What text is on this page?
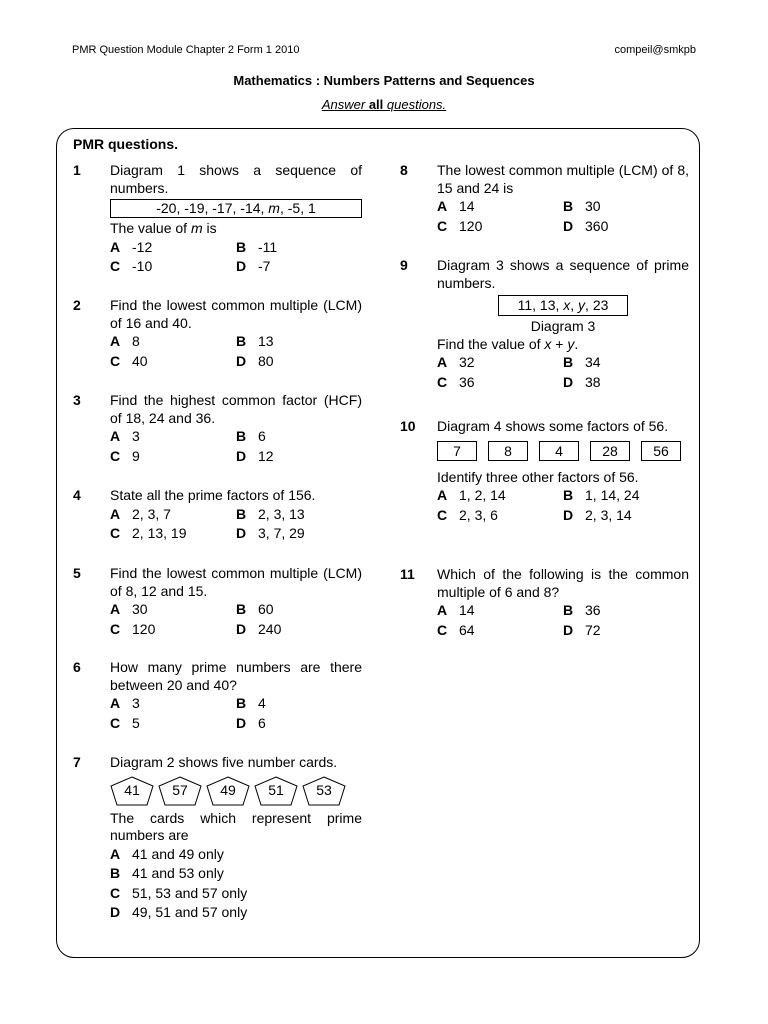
PMR Question Module Chapter 2 Form 1 2010	compeil@smkpb
Mathematics : Numbers Patterns and Sequences
Answer all questions.
PMR questions.
1	Diagram 1 shows a sequence of numbers.
-20, -19, -17, -14, m, -5, 1
The value of m is
A -12	B -11
C -10	D -7
2	Find the lowest common multiple (LCM) of 16 and 40.
A 8	B 13
C 40	D 80
3	Find the highest common factor (HCF) of 18, 24 and 36.
A 3	B 6
C 9	D 12
4	State all the prime factors of 156.
A 2, 3, 7	B 2, 3, 13
C 2, 13, 19	D 3, 7, 29
5	Find the lowest common multiple (LCM) of 8, 12 and 15.
A 30	B 60
C 120	D 240
6	How many prime numbers are there between 20 and 40?
A 3	B 4
C 5	D 6
7	Diagram 2 shows five number cards.
41	57	49	51	53
The cards which represent prime numbers are
A 41 and 49 only
B 41 and 53 only
C 51, 53 and 57 only
D 49, 51 and 57 only
8	The lowest common multiple (LCM) of 8, 15 and 24 is
A 14	B 30
C 120	D 360
9	Diagram 3 shows a sequence of prime numbers.
11, 13, x, y, 23
Diagram 3
Find the value of x + y.
A 32	B 34
C 36	D 38
10	Diagram 4 shows some factors of 56.
7	8	4	28	56
Identify three other factors of 56.
A 1, 2, 14	B 1, 14, 24
C 2, 3, 6	D 2, 3, 14
11	Which of the following is the common multiple of 6 and 8?
A 14	B 36
C 64	D 72
